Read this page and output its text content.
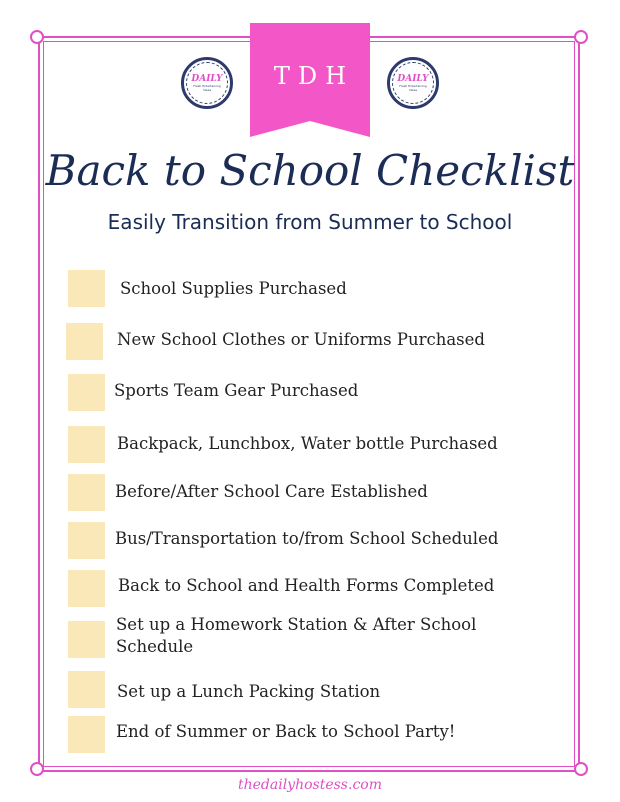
TDH
DAILY
Fresh Entertaining Ideas
DAILY
Fresh Entertaining Ideas
Back to School Checklist
Easily Transition from Summer to School
School Supplies Purchased
New School Clothes or Uniforms Purchased
Sports Team Gear Purchased
Backpack, Lunchbox, Water bottle Purchased
Before/After School Care Established
Bus/Transportation to/from School Scheduled
Back to School and Health Forms Completed
Set up a Homework Station & After School Schedule
Set up a Lunch Packing Station
End of Summer or Back to School Party!
thedailyhostess.com
